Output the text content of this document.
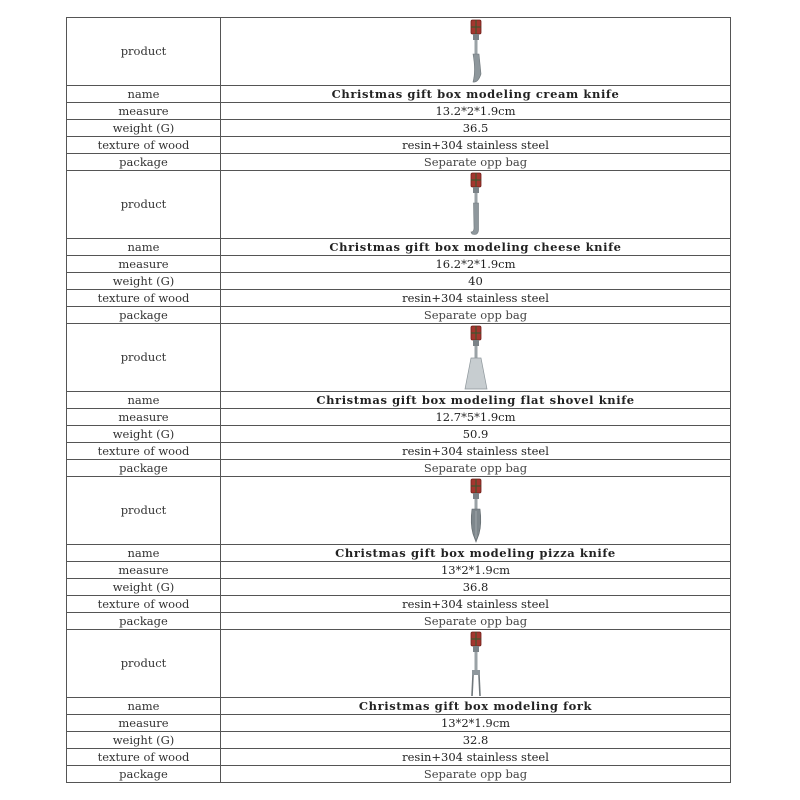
product	

name	Christmas gift box modeling cream knife
measure	13.2*2*1.9cm
weight (G)	36.5
texture of wood	resin+304 stainless steel
package	Separate opp bag
product	

name	Christmas gift box modeling cheese knife
measure	16.2*2*1.9cm
weight (G)	40
texture of wood	resin+304 stainless steel
package	Separate opp bag
product	

name	Christmas gift box modeling flat shovel knife
measure	12.7*5*1.9cm
weight (G)	50.9
texture of wood	resin+304 stainless steel
package	Separate opp bag
product	

name	Christmas gift box modeling pizza knife
measure	13*2*1.9cm
weight (G)	36.8
texture of wood	resin+304 stainless steel
package	Separate opp bag
product	

name	Christmas gift box modeling fork
measure	13*2*1.9cm
weight (G)	32.8
texture of wood	resin+304 stainless steel
package	Separate opp bag
